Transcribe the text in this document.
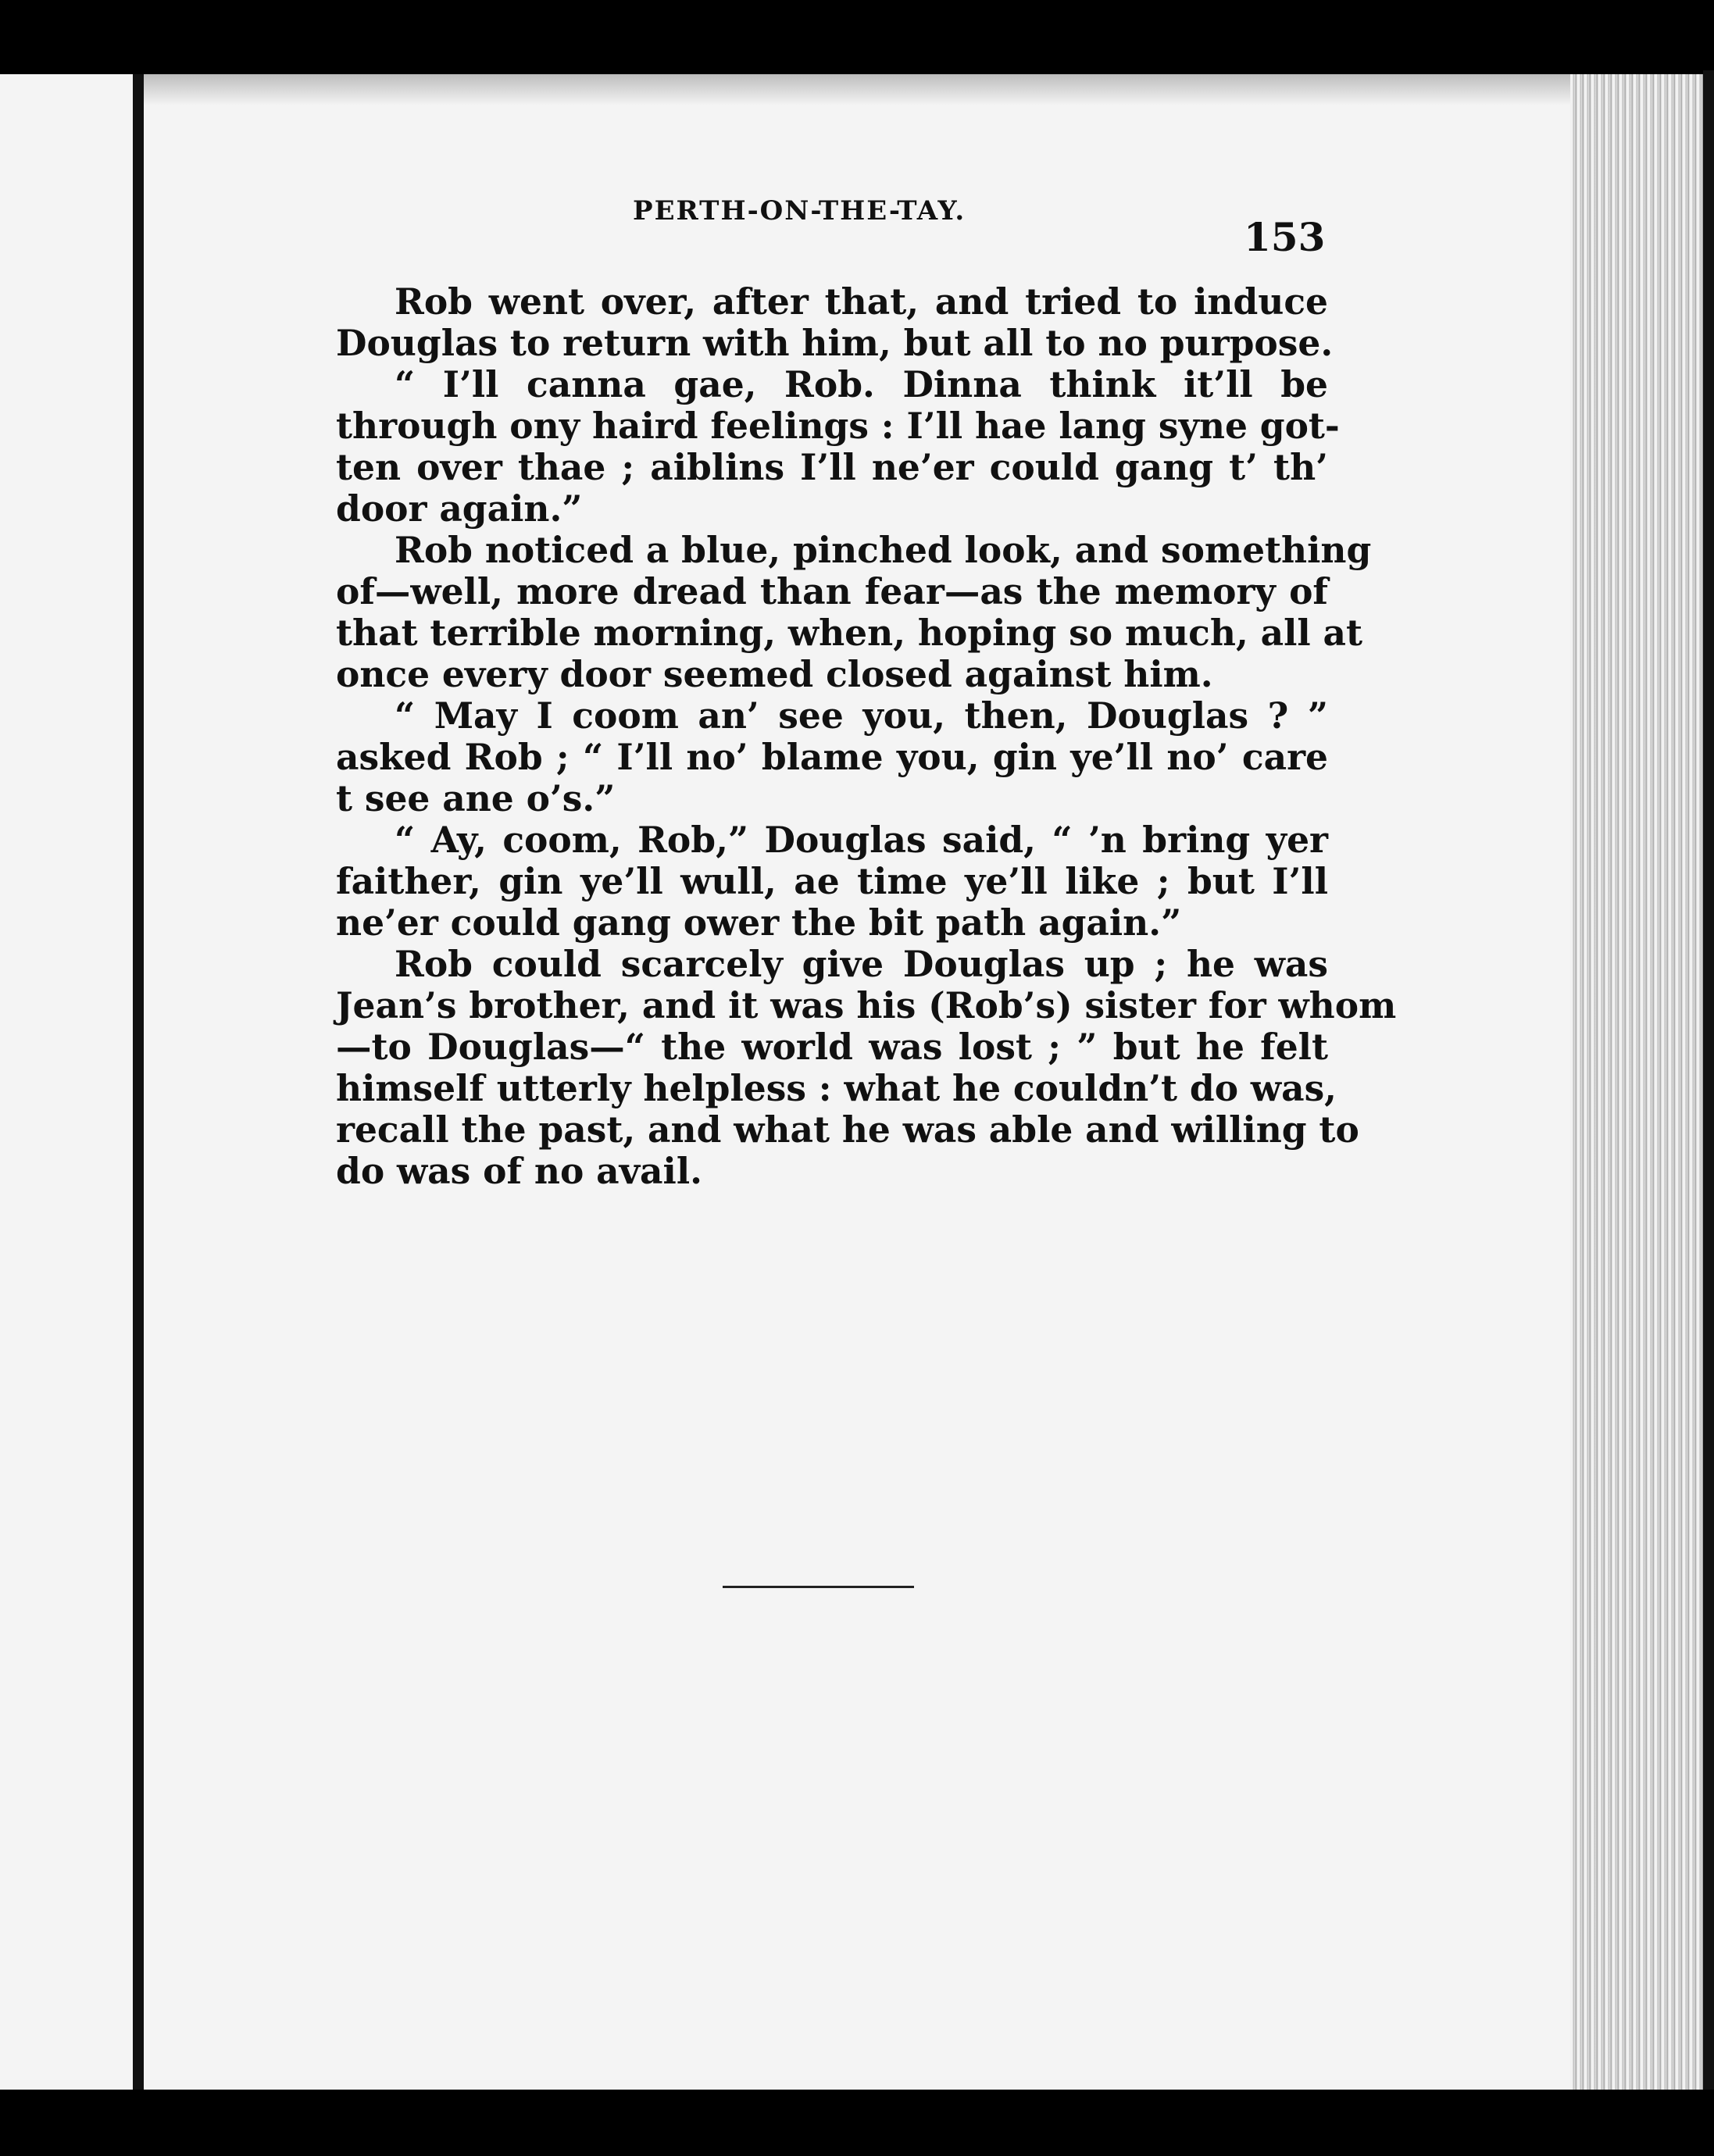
PERTH-ON-THE-TAY.
153
Rob went over, after that, and tried to induce
Douglas to return with him, but all to no purpose.
“ I’ll canna gae, Rob. Dinna think it’ll be
through ony haird feelings : I’ll hae lang syne got-
ten over thae ; aiblins I’ll ne’er could gang t’ th’
door again.”
Rob noticed a blue, pinched look, and something
of—well, more dread than fear—as the memory of
that terrible morning, when, hoping so much, all at
once every door seemed closed against him.
“ May I coom an’ see you, then, Douglas ? ”
asked Rob ; “ I’ll no’ blame you, gin ye’ll no’ care
t see ane o’s.”
“ Ay, coom, Rob,” Douglas said, “ ’n bring yer
faither, gin ye’ll wull, ae time ye’ll like ; but I’ll
ne’er could gang ower the bit path again.”
Rob could scarcely give Douglas up ; he was
Jean’s brother, and it was his (Rob’s) sister for whom
—to Douglas—“ the world was lost ; ” but he felt
himself utterly helpless : what he couldn’t do was,
recall the past, and what he was able and willing to
do was of no avail.
